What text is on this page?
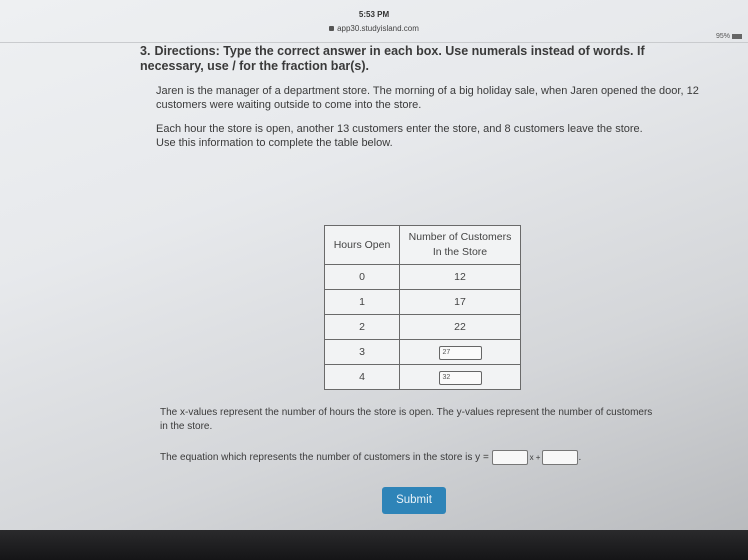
5:53 PM
app30.studyisland.com
95%
3. Directions: Type the correct answer in each box. Use numerals instead of words. If necessary, use / for the fraction bar(s).
Jaren is the manager of a department store. The morning of a big holiday sale, when Jaren opened the door, 12 customers were waiting outside to come into the store.
Each hour the store is open, another 13 customers enter the store, and 8 customers leave the store.
Use this information to complete the table below.
Hours Open	Number of Customers
In the Store

0	12
1	17
2	22
3	27
4	32
The x-values represent the number of hours the store is open. The y-values represent the number of customers in the store.
The equation which represents the number of customers in the store is y =	x +	.
Submit
